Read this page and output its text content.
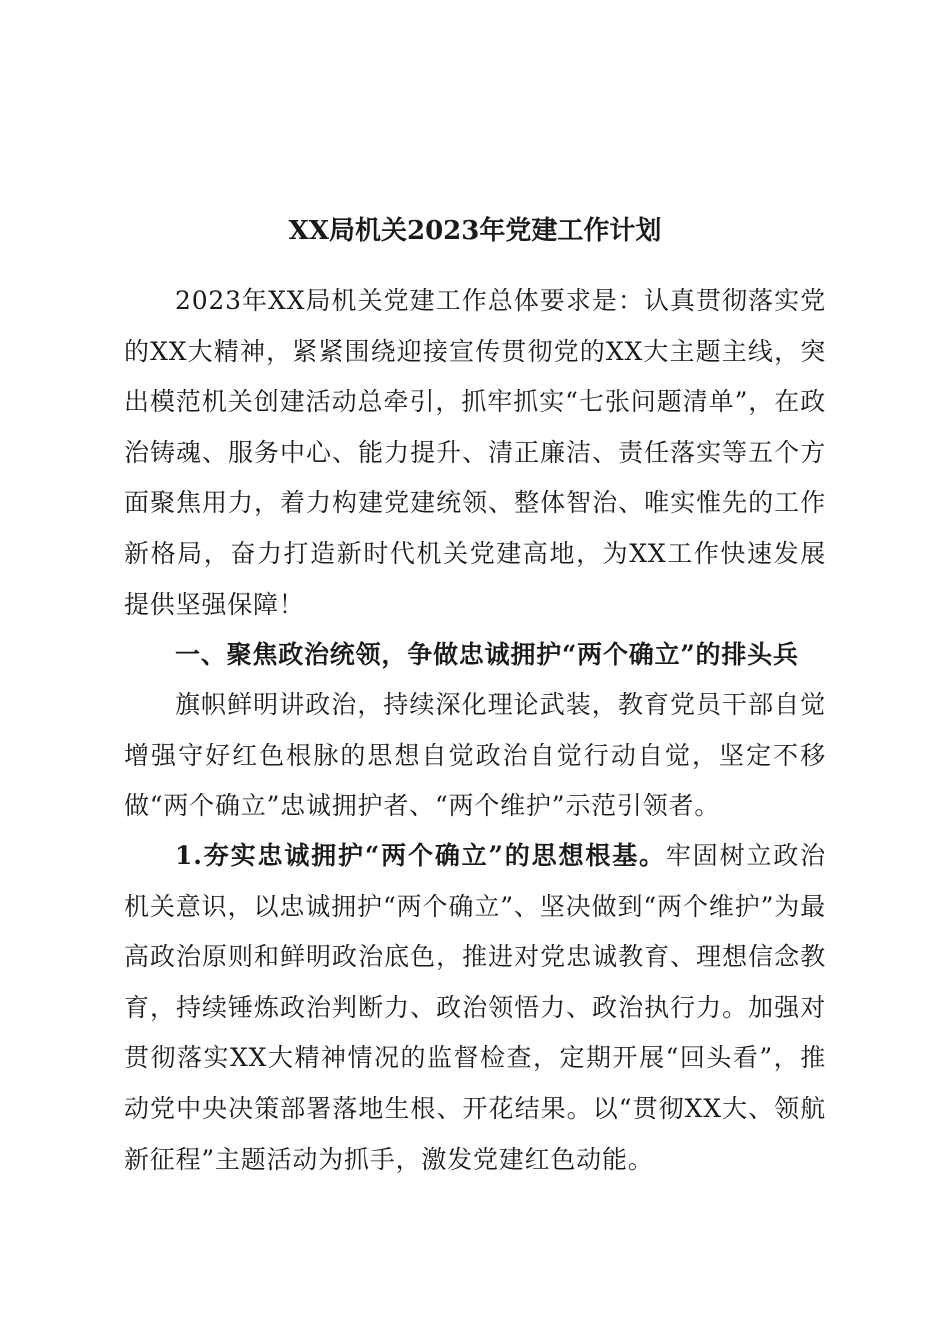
XX局机关2023年党建工作计划

2023年XX局机关党建工作总体要求是：认真贯彻落实党的XX大精神，紧紧围绕迎接宣传贯彻党的XX大主题主线，突出模范机关创建活动总牵引，抓牢抓实“七张问题清单”，在政治铸魂、服务中心、能力提升、清正廉洁、责任落实等五个方面聚焦用力，着力构建党建统领、整体智治、唯实惟先的工作新格局，奋力打造新时代机关党建高地，为XX工作快速发展提供坚强保障！

一、聚焦政治统领，争做忠诚拥护“两个确立”的排头兵

旗帜鲜明讲政治，持续深化理论武装，教育党员干部自觉增强守好红色根脉的思想自觉政治自觉行动自觉，坚定不移做“两个确立”忠诚拥护者、“两个维护”示范引领者。

1.夯实忠诚拥护“两个确立”的思想根基。牢固树立政治机关意识，以忠诚拥护“两个确立”、坚决做到“两个维护”为最高政治原则和鲜明政治底色，推进对党忠诚教育、理想信念教育，持续锤炼政治判断力、政治领悟力、政治执行力。加强对贯彻落实XX大精神情况的监督检查，定期开展“回头看”，推动党中央决策部署落地生根、开花结果。以“贯彻XX大、领航新征程”主题活动为抓手，激发党建红色动能。
